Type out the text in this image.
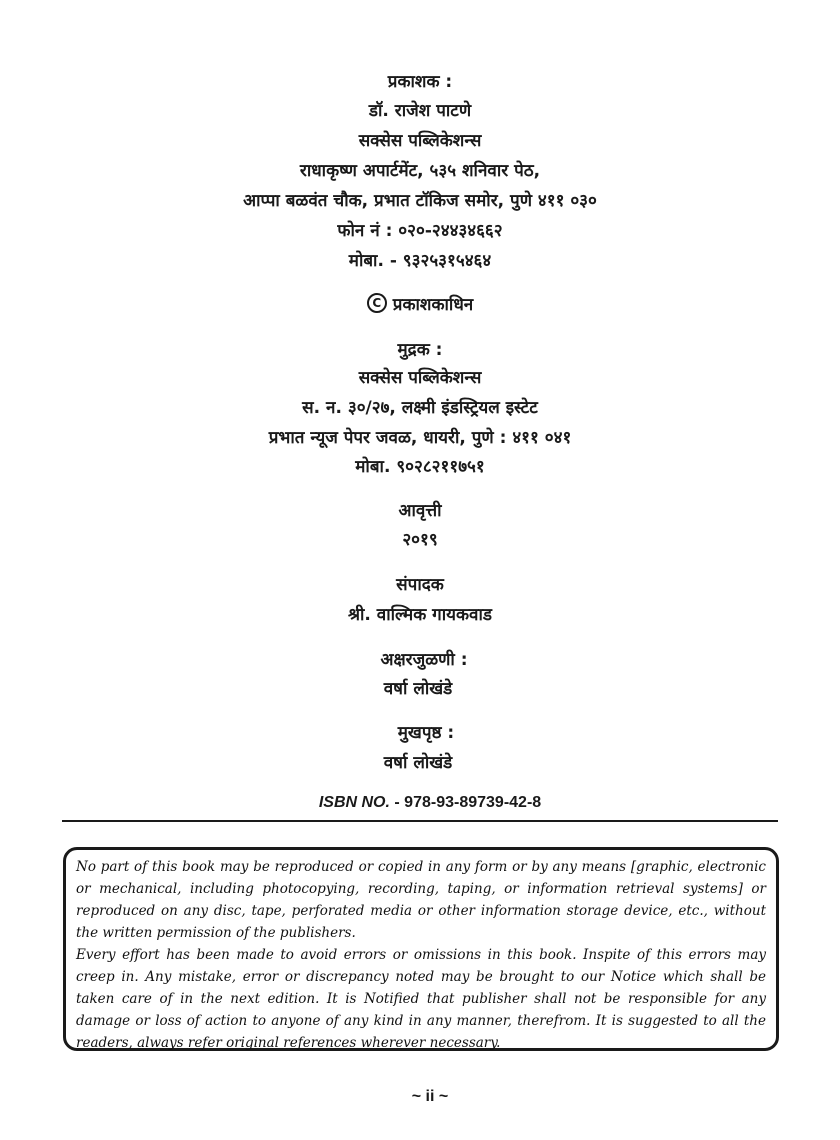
प्रकाशक :
डॉ. राजेश पाटणे
सक्सेस पब्लिकेशन्स
राधाकृष्ण अपार्टमेंट, ५३५ शनिवार पेठ,
आप्पा बळवंत चौक, प्रभात टॉकिज समोर, पुणे ४११ ०३०
फोन नं : ०२०-२४४३४६६२
मोबा. - ९३२५३१५४६४
C प्रकाशकाधिन
मुद्रक :
सक्सेस पब्लिकेशन्स
स. न. ३०/२७, लक्ष्मी इंडस्ट्रियल इस्टेट
प्रभात न्यूज पेपर जवळ, धायरी, पुणे : ४११ ०४१
मोबा. ९०२८२११७५१
आवृत्ती
२०१९
संपादक
श्री. वाल्मिक गायकवाड
अक्षरजुळणी :
वर्षा लोखंडे
मुखपृष्ठ :
वर्षा लोखंडे
ISBN NO. - 978-93-89739-42-8

No part of this book may be reproduced or copied in any form or by any means [graphic, electronic or mechanical, including photocopying, recording, taping, or information retrieval systems] or reproduced on any disc, tape, perforated media or other information storage device, etc., without the written permission of the publishers.

Every effort has been made to avoid errors or omissions in this book. Inspite of this errors may creep in. Any mistake, error or discrepancy noted may be brought to our Notice which shall be taken care of in the next edition. It is Notified that publisher shall not be responsible for any damage or loss of action to anyone of any kind in any manner, therefrom. It is suggested to all the readers, always refer original references wherever necessary.

~ ii ~
